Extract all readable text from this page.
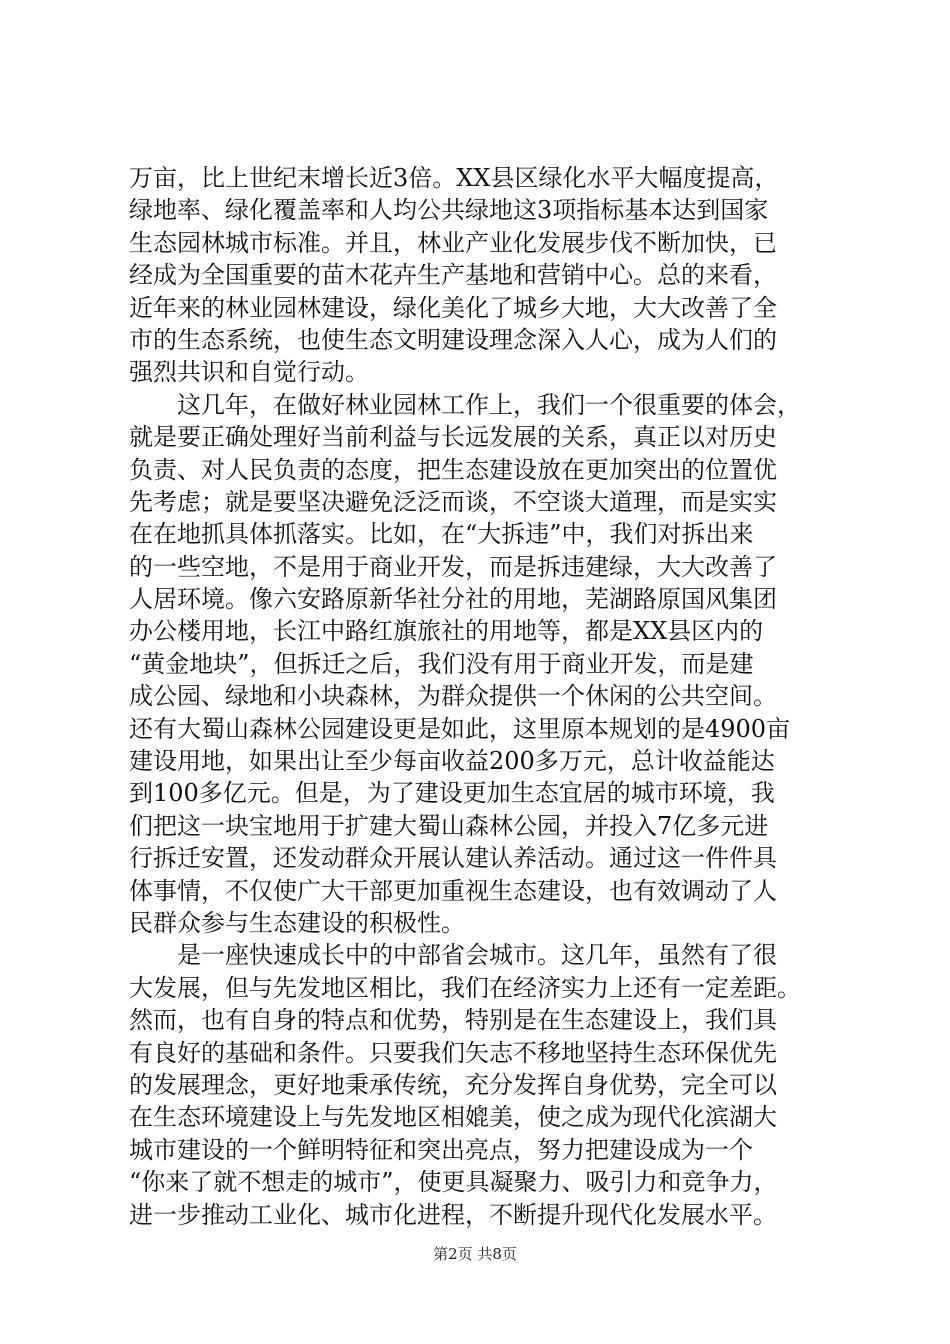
万亩，比上世纪末增长近3倍。XX县区绿化水平大幅度提高，
绿地率、绿化覆盖率和人均公共绿地这3项指标基本达到国家
生态园林城市标准。并且，林业产业化发展步伐不断加快，已
经成为全国重要的苗木花卉生产基地和营销中心。总的来看，
近年来的林业园林建设，绿化美化了城乡大地，大大改善了全
市的生态系统，也使生态文明建设理念深入人心，成为人们的
强烈共识和自觉行动。
　　这几年，在做好林业园林工作上，我们一个很重要的体会，
就是要正确处理好当前利益与长远发展的关系，真正以对历史
负责、对人民负责的态度，把生态建设放在更加突出的位置优
先考虑；就是要坚决避免泛泛而谈，不空谈大道理，而是实实
在在地抓具体抓落实。比如，在“大拆违”中，我们对拆出来
的一些空地，不是用于商业开发，而是拆违建绿，大大改善了
人居环境。像六安路原新华社分社的用地，芜湖路原国风集团
办公楼用地，长江中路红旗旅社的用地等，都是XX县区内的
“黄金地块”，但拆迁之后，我们没有用于商业开发，而是建
成公园、绿地和小块森林，为群众提供一个休闲的公共空间。
还有大蜀山森林公园建设更是如此，这里原本规划的是4900亩
建设用地，如果出让至少每亩收益200多万元，总计收益能达
到100多亿元。但是，为了建设更加生态宜居的城市环境，我
们把这一块宝地用于扩建大蜀山森林公园，并投入7亿多元进
行拆迁安置，还发动群众开展认建认养活动。通过这一件件具
体事情，不仅使广大干部更加重视生态建设，也有效调动了人
民群众参与生态建设的积极性。
　　是一座快速成长中的中部省会城市。这几年，虽然有了很
大发展，但与先发地区相比，我们在经济实力上还有一定差距。
然而，也有自身的特点和优势，特别是在生态建设上，我们具
有良好的基础和条件。只要我们矢志不移地坚持生态环保优先
的发展理念，更好地秉承传统，充分发挥自身优势，完全可以
在生态环境建设上与先发地区相媲美，使之成为现代化滨湖大
城市建设的一个鲜明特征和突出亮点，努力把建设成为一个
“你来了就不想走的城市”，使更具凝聚力、吸引力和竞争力，
进一步推动工业化、城市化进程，不断提升现代化发展水平。
第2页 共8页
